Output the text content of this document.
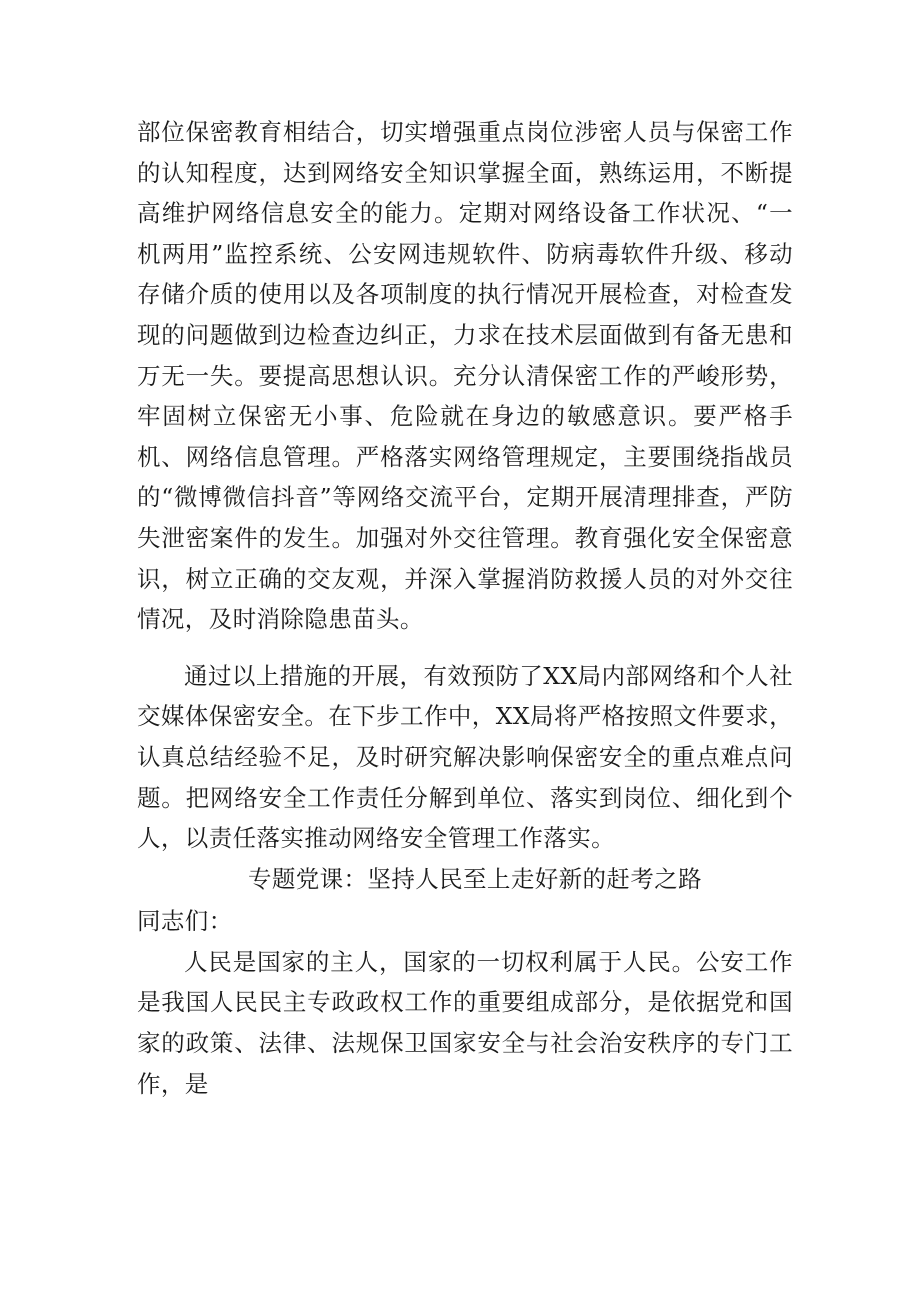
部位保密教育相结合，切实增强重点岗位涉密人员与保密工作的认知程度，达到网络安全知识掌握全面，熟练运用，不断提高维护网络信息安全的能力。定期对网络设备工作状况、“一机两用”监控系统、公安网违规软件、防病毒软件升级、移动存储介质的使用以及各项制度的执行情况开展检查，对检查发现的问题做到边检查边纠正，力求在技术层面做到有备无患和万无一失。要提高思想认识。充分认清保密工作的严峻形势，牢固树立保密无小事、危险就在身边的敏感意识。要严格手机、网络信息管理。严格落实网络管理规定，主要围绕指战员的“微博微信抖音”等网络交流平台，定期开展清理排查，严防失泄密案件的发生。加强对外交往管理。教育强化安全保密意识，树立正确的交友观，并深入掌握消防救援人员的对外交往情况，及时消除隐患苗头。

通过以上措施的开展，有效预防了XX局内部网络和个人社交媒体保密安全。在下步工作中，XX局将严格按照文件要求，认真总结经验不足，及时研究解决影响保密安全的重点难点问题。把网络安全工作责任分解到单位、落实到岗位、细化到个人，以责任落实推动网络安全管理工作落实。

专题党课：坚持人民至上走好新的赶考之路

同志们：

人民是国家的主人，国家的一切权利属于人民。公安工作是我国人民民主专政政权工作的重要组成部分，是依据党和国家的政策、法律、法规保卫国家安全与社会治安秩序的专门工作，是
